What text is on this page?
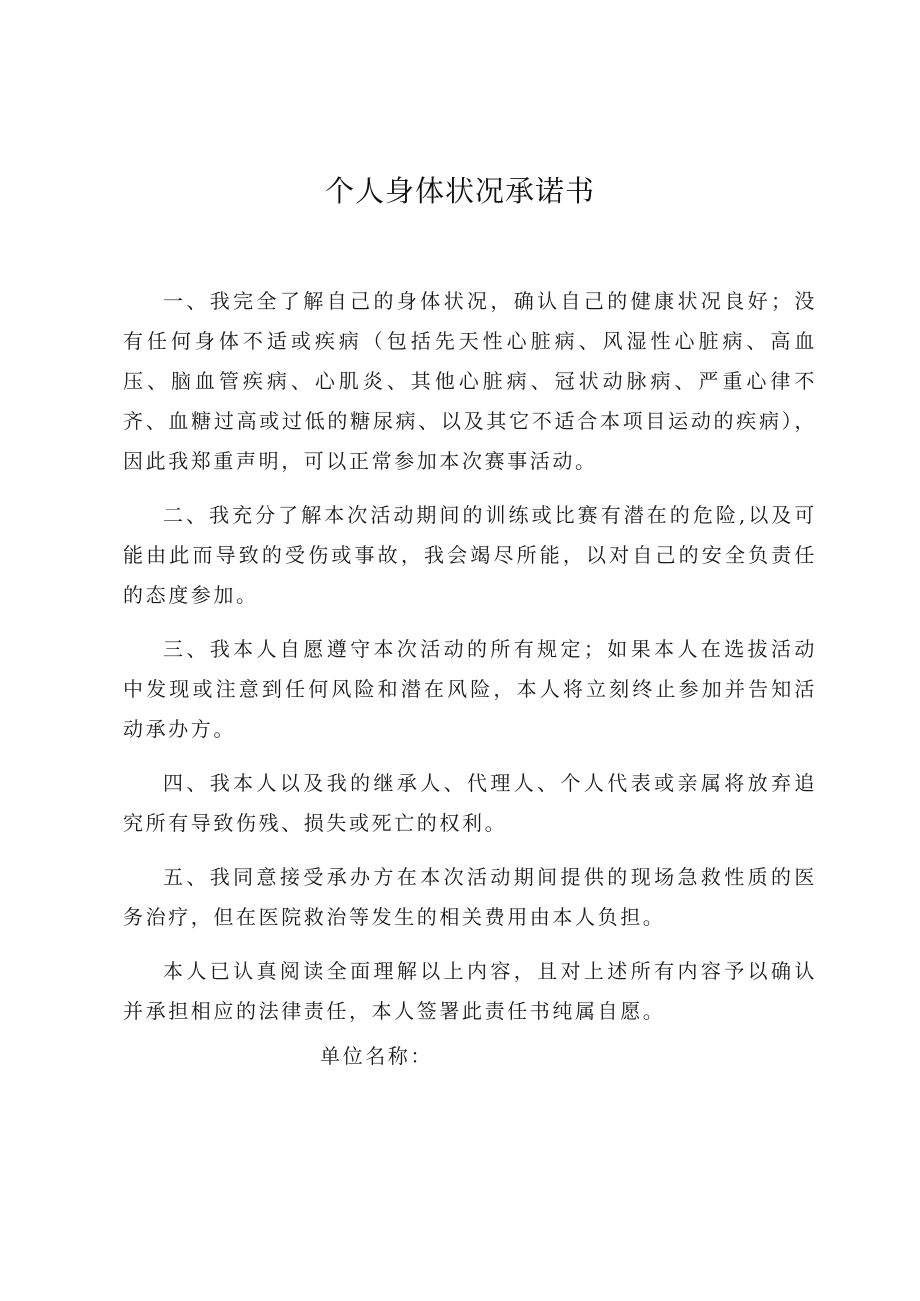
个人身体状况承诺书

一、我完全了解自己的身体状况，确认自己的健康状况良好；没有任何身体不适或疾病（包括先天性心脏病、风湿性心脏病、高血压、脑血管疾病、心肌炎、其他心脏病、冠状动脉病、严重心律不齐、血糖过高或过低的糖尿病、以及其它不适合本项目运动的疾病），因此我郑重声明，可以正常参加本次赛事活动。

二、我充分了解本次活动期间的训练或比赛有潜在的危险,以及可能由此而导致的受伤或事故，我会竭尽所能，以对自己的安全负责任的态度参加。

三、我本人自愿遵守本次活动的所有规定；如果本人在选拔活动中发现或注意到任何风险和潜在风险，本人将立刻终止参加并告知活动承办方。

四、我本人以及我的继承人、代理人、个人代表或亲属将放弃追究所有导致伤残、损失或死亡的权利。

五、我同意接受承办方在本次活动期间提供的现场急救性质的医务治疗，但在医院救治等发生的相关费用由本人负担。

本人已认真阅读全面理解以上内容，且对上述所有内容予以确认并承担相应的法律责任，本人签署此责任书纯属自愿。

单位名称：
